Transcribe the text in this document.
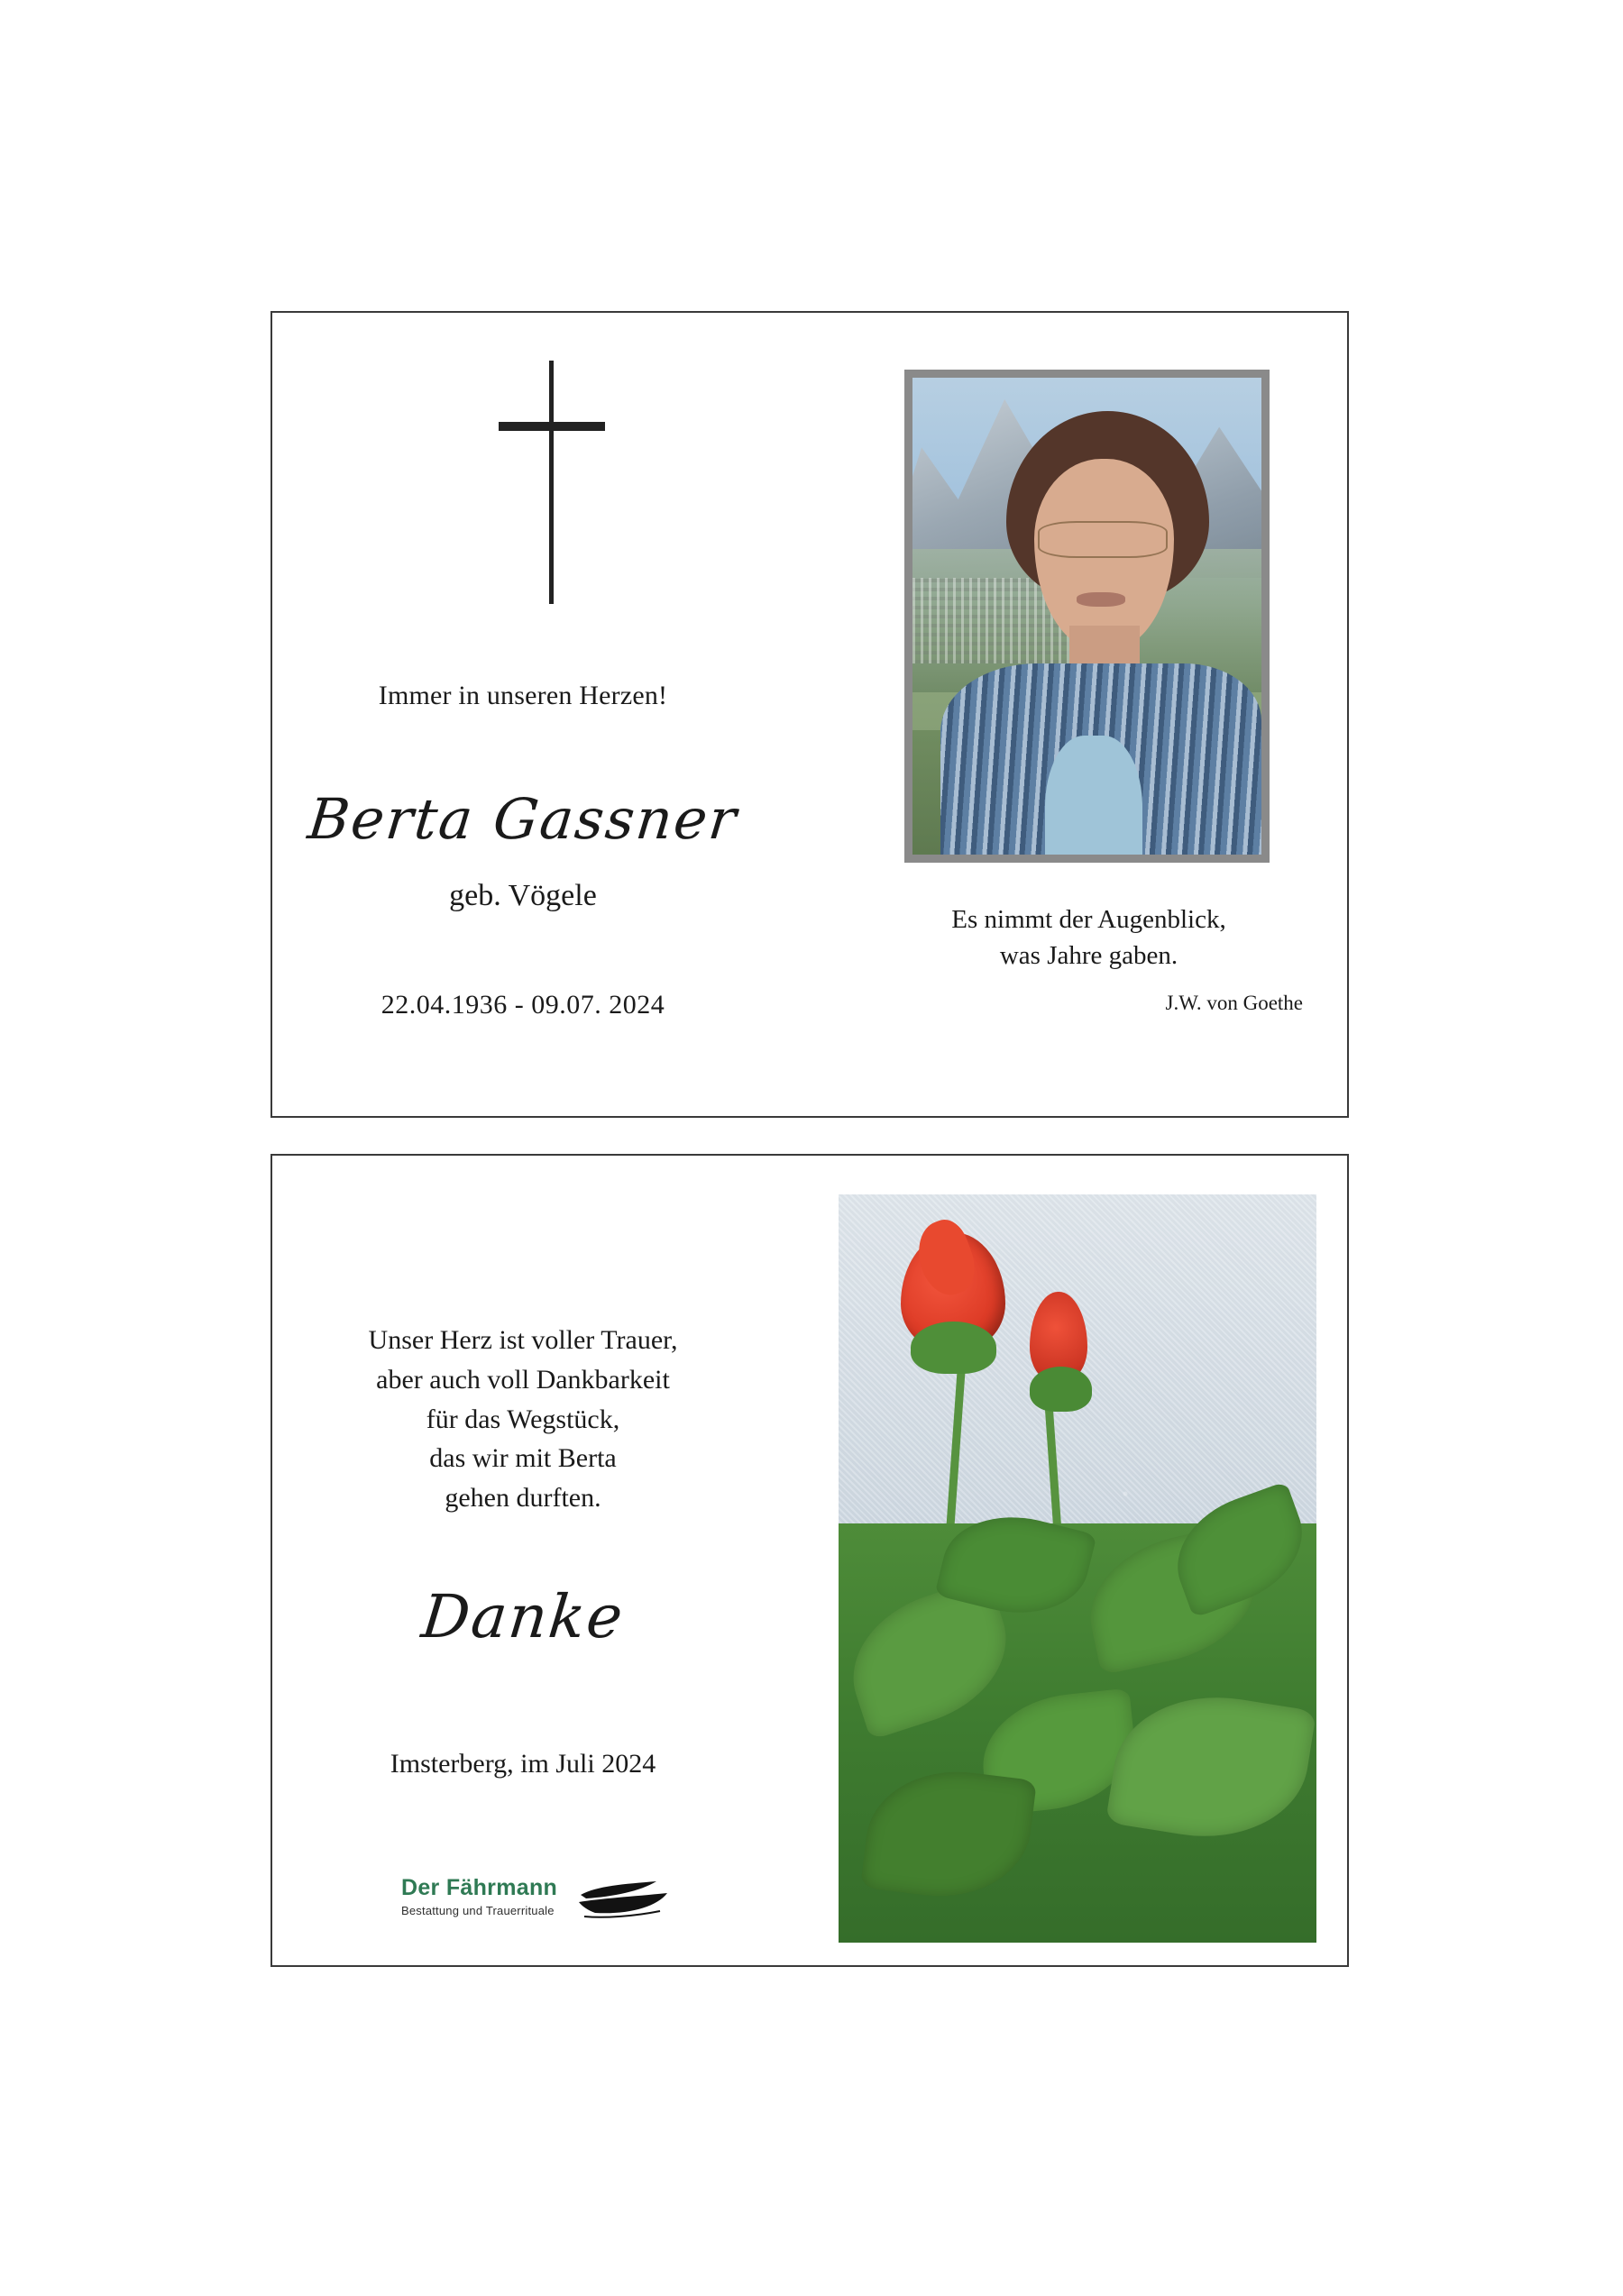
Immer in unseren Herzen!
Berta Gassner
geb. Vögele
22.04.1936 - 09.07. 2024
Es nimmt der Augenblick,
was Jahre gaben.
J.W. von Goethe
Unser Herz ist voller Trauer,
aber auch voll Dankbarkeit
für das Wegstück,
das wir mit Berta
gehen durften.
Danke
Imsterberg, im Juli 2024
Der Fährmann
Bestattung und Trauerrituale
